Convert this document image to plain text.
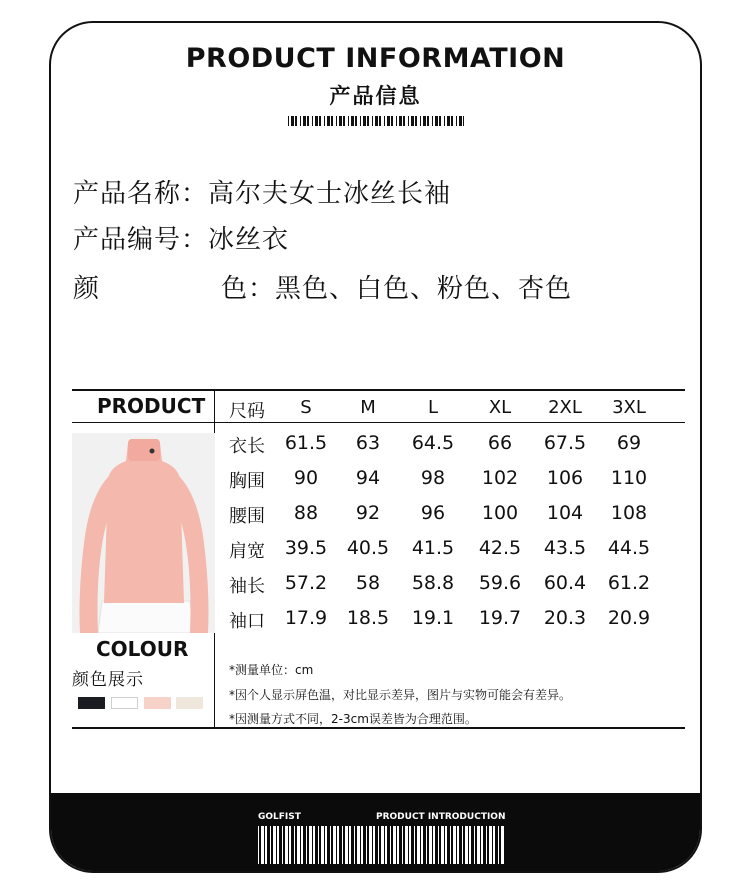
PRODUCT INFORMATION
产品信息
产品名称：高尔夫女士冰丝长袖
产品编号：冰丝衣
颜	色：黑色、白色、粉色、杏色
PRODUCT
COLOUR
颜色展示
尺码	S	M	L	XL	2XL	3XL
衣长	61.5	63	64.5	66	67.5	69
胸围	90	94	98	102	106	110
腰围	88	92	96	100	104	108
肩宽	39.5	40.5	41.5	42.5	43.5	44.5
袖长	57.2	58	58.8	59.6	60.4	61.2
袖口	17.9	18.5	19.1	19.7	20.3	20.9
*测量单位：cm
*因个人显示屏色温，对比显示差异，图片与实物可能会有差异。
*因测量方式不同，2-3cm误差皆为合理范围。
GOLFIST	PRODUCT INTRODUCTION
